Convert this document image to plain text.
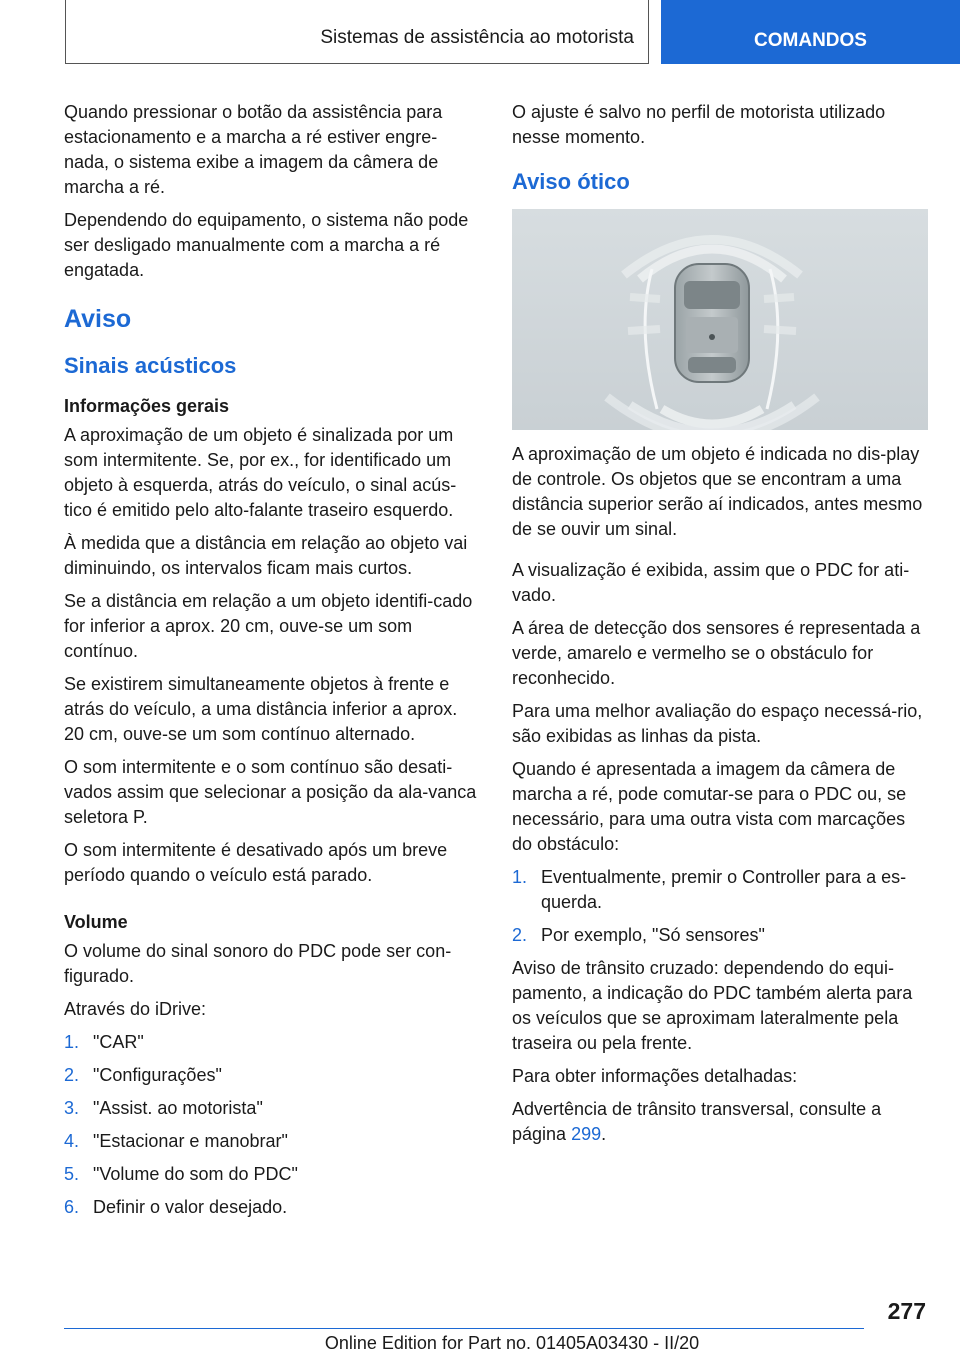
Sistemas de assistência ao motorista	COMANDOS

Quando pressionar o botão da assistência para estacionamento e a marcha a ré estiver engre-nada, o sistema exibe a imagem da câmera de marcha a ré.

Dependendo do equipamento, o sistema não pode ser desligado manualmente com a marcha a ré engatada.

Aviso
Sinais acústicos
Informações gerais

A aproximação de um objeto é sinalizada por um som intermitente. Se, por ex., for identificado um objeto à esquerda, atrás do veículo, o sinal acús-tico é emitido pelo alto-falante traseiro esquerdo.

À medida que a distância em relação ao objeto vai diminuindo, os intervalos ficam mais curtos.

Se a distância em relação a um objeto identifi-cado for inferior a aprox. 20 cm, ouve-se um som contínuo.

Se existirem simultaneamente objetos à frente e atrás do veículo, a uma distância inferior a aprox. 20 cm, ouve-se um som contínuo alternado.

O som intermitente e o som contínuo são desati-vados assim que selecionar a posição da ala-vanca seletora P.

O som intermitente é desativado após um breve período quando o veículo está parado.

Volume

O volume do sinal sonoro do PDC pode ser con-figurado.

Através do iDrive:

1. "CAR"
2. "Configurações"
3. "Assist. ao motorista"
4. "Estacionar e manobrar"
5. "Volume do som do PDC"
6. Definir o valor desejado.

O ajuste é salvo no perfil de motorista utilizado nesse momento.

Aviso ótico

A aproximação de um objeto é indicada no dis-play de controle. Os objetos que se encontram a uma distância superior serão aí indicados, antes mesmo de se ouvir um sinal.

A visualização é exibida, assim que o PDC for ati-vado.

A área de detecção dos sensores é representada a verde, amarelo e vermelho se o obstáculo for reconhecido.

Para uma melhor avaliação do espaço necessá-rio, são exibidas as linhas da pista.

Quando é apresentada a imagem da câmera de marcha a ré, pode comutar-se para o PDC ou, se necessário, para uma outra vista com marcações do obstáculo:

1. Eventualmente, premir o Controller para a es-querda.
2. Por exemplo, "Só sensores"

Aviso de trânsito cruzado: dependendo do equi-pamento, a indicação do PDC também alerta para os veículos que se aproximam lateralmente pela traseira ou pela frente.

Para obter informações detalhadas:

Advertência de trânsito transversal, consulte a
página 299.

277
Online Edition for Part no. 01405A03430 - II/20
